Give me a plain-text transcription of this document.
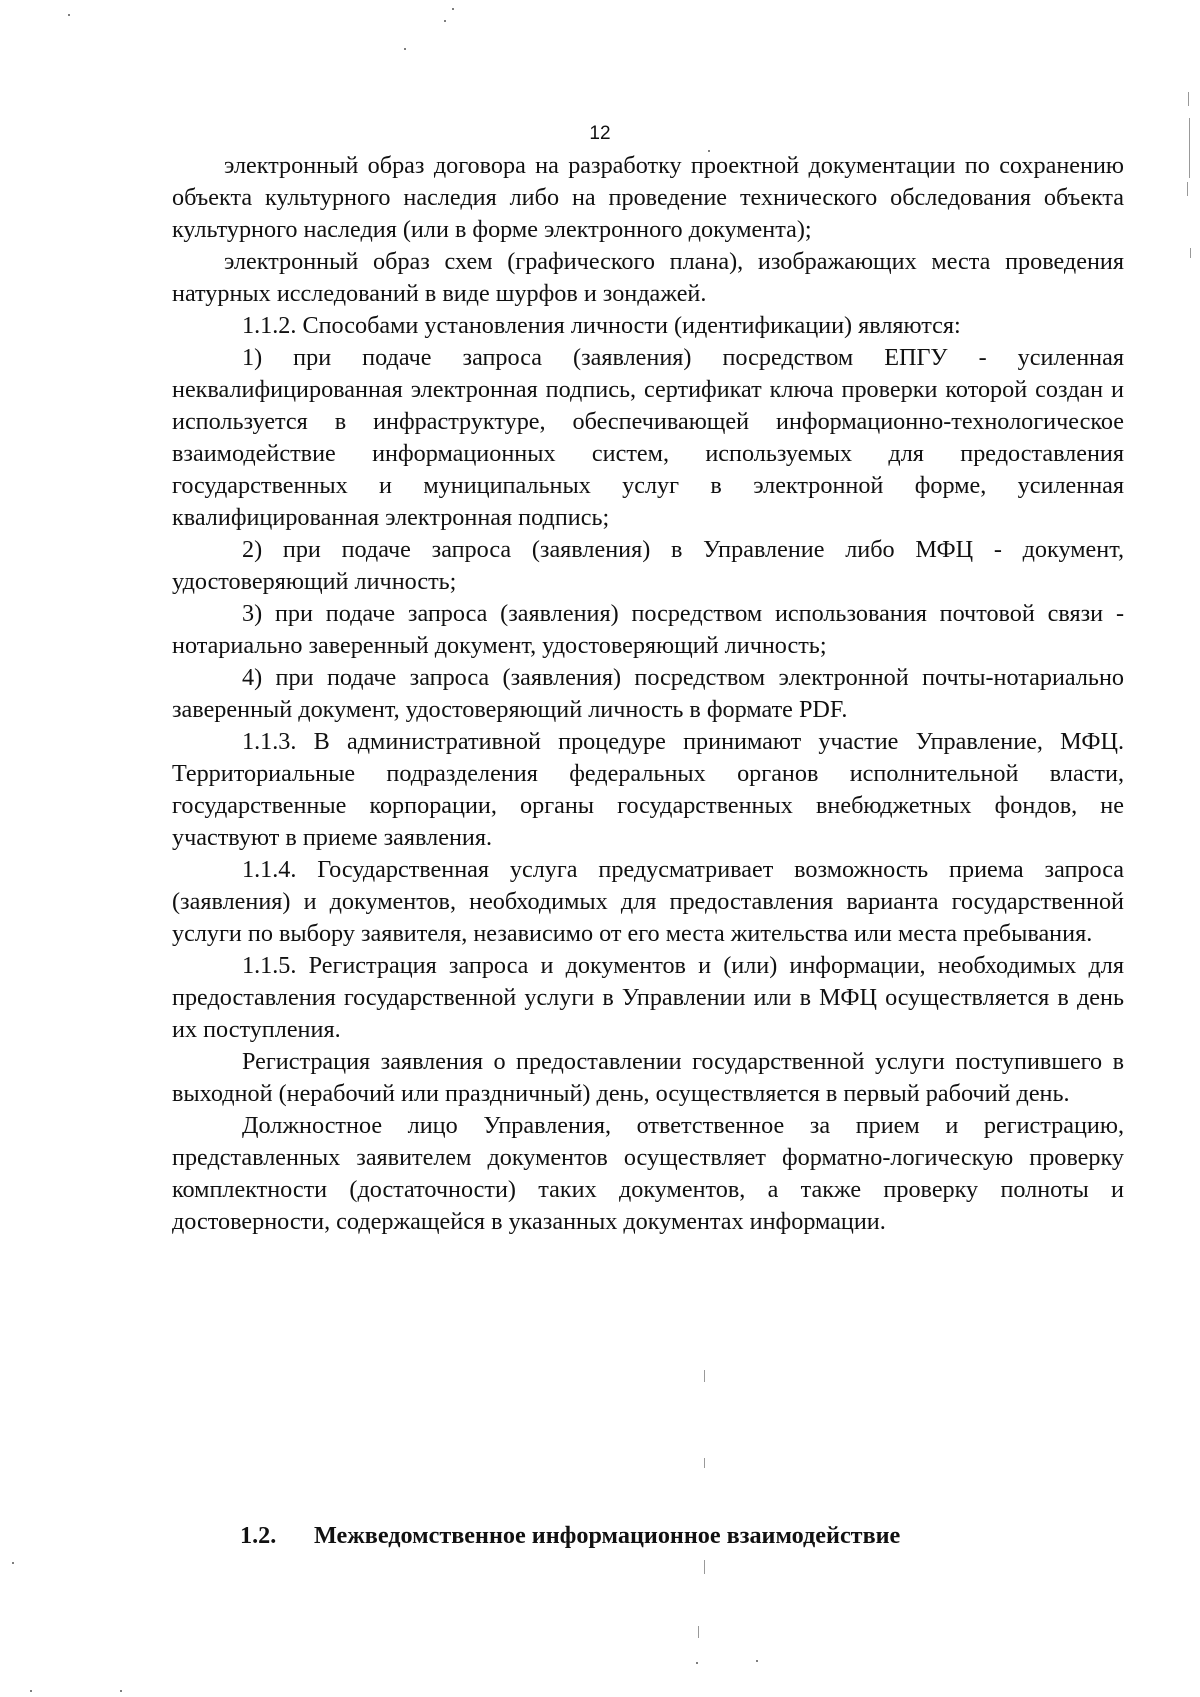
12

электронный образ договора на разработку проектной документации по сохранению объекта культурного наследия либо на проведение технического обследования объекта культурного наследия (или в форме электронного документа);

электронный образ схем (графического плана), изображающих места проведения натурных исследований в виде шурфов и зондажей.

1.1.2. Способами установления личности (идентификации) являются:

1) при подаче запроса (заявления) посредством ЕПГУ - усиленная неквалифицированная электронная подпись, сертификат ключа проверки которой создан и используется в инфраструктуре, обеспечивающей информационно-технологическое взаимодействие информационных систем, используемых для предоставления государственных и муниципальных услуг в электронной форме, усиленная квалифицированная электронная подпись;

2) при подаче запроса (заявления) в Управление либо МФЦ - документ, удостоверяющий личность;

3) при подаче запроса (заявления) посредством использования почтовой связи - нотариально заверенный документ, удостоверяющий личность;

4) при подаче запроса (заявления) посредством электронной почты-нотариально заверенный документ, удостоверяющий личность в формате PDF.

1.1.3. В административной процедуре принимают участие Управление, МФЦ. Территориальные подразделения федеральных органов исполнительной власти, государственные корпорации, органы государственных внебюджетных фондов, не участвуют в приеме заявления.

1.1.4. Государственная услуга предусматривает возможность приема запроса (заявления) и документов, необходимых для предоставления варианта государственной услуги по выбору заявителя, независимо от его места жительства или места пребывания.

1.1.5. Регистрация запроса и документов и (или) информации, необходимых для предоставления государственной услуги в Управлении или в МФЦ осуществляется в день их поступления.

Регистрация заявления о предоставлении государственной услуги поступившего в выходной (нерабочий или праздничный) день, осуществляется в первый рабочий день.

Должностное лицо Управления, ответственное за прием и регистрацию, представленных заявителем документов осуществляет форматно-логическую проверку комплектности (достаточности) таких документов, а также проверку полноты и достоверности, содержащейся в указанных документах информации.

1.2. Межведомственное информационное взаимодействие
